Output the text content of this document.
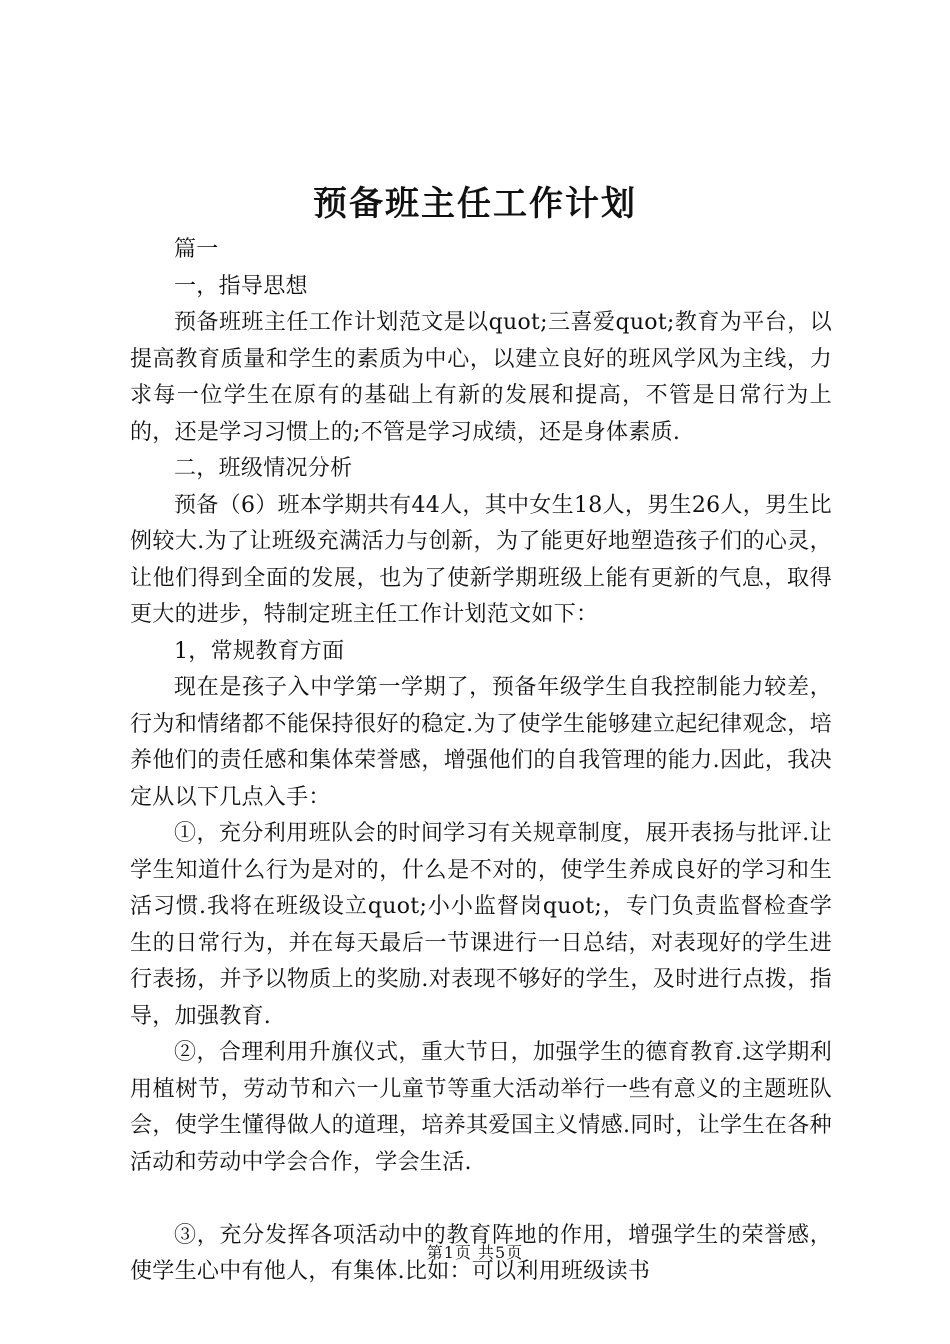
预备班主任工作计划

篇一

一，指导思想

预备班班主任工作计划范文是以quot;三喜爱quot;教育为平台，以提高教育质量和学生的素质为中心，以建立良好的班风学风为主线，力求每一位学生在原有的基础上有新的发展和提高，不管是日常行为上的，还是学习习惯上的;不管是学习成绩，还是身体素质.

二，班级情况分析

预备（6）班本学期共有44人，其中女生18人，男生26人，男生比例较大.为了让班级充满活力与创新，为了能更好地塑造孩子们的心灵，让他们得到全面的发展，也为了使新学期班级上能有更新的气息，取得更大的进步，特制定班主任工作计划范文如下：

1，常规教育方面

现在是孩子入中学第一学期了，预备年级学生自我控制能力较差，行为和情绪都不能保持很好的稳定.为了使学生能够建立起纪律观念，培养他们的责任感和集体荣誉感，增强他们的自我管理的能力.因此，我决定从以下几点入手：

①，充分利用班队会的时间学习有关规章制度，展开表扬与批评.让学生知道什么行为是对的，什么是不对的，使学生养成良好的学习和生活习惯.我将在班级设立quot;小小监督岗quot;，专门负责监督检查学生的日常行为，并在每天最后一节课进行一日总结，对表现好的学生进行表扬，并予以物质上的奖励.对表现不够好的学生，及时进行点拨，指导，加强教育.

②，合理利用升旗仪式，重大节日，加强学生的德育教育.这学期利用植树节，劳动节和六一儿童节等重大活动举行一些有意义的主题班队会，使学生懂得做人的道理，培养其爱国主义情感.同时，让学生在各种活动和劳动中学会合作，学会生活.

③，充分发挥各项活动中的教育阵地的作用，增强学生的荣誉感，使学生心中有他人，有集体.比如：可以利用班级读书

第1页 共5页
